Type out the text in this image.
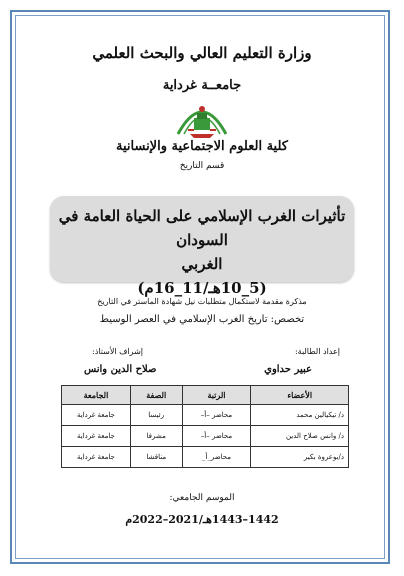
وزارة التعليم العالي والبحث العلمي
جامعــة غرداية
كلية العلوم الاجتماعية والإنسانية
قسم التاريخ
تأثيرات الغرب الإسلامي على الحياة العامة في السودان
الغربي
(5_10هـ/11_16م)
مذكرة مقدمة لاستكمال متطلبات نيل شهادة الماستر في التاريخ
تخصص: تاريخ الغرب الإسلامي في العصر الوسيط
إعداد الطالبة:
إشراف الأستاذ:
عبير حداوي
صلاح الدين وانس
الأعضاء	الرتبة	الصفة	الجامعة
د/ تيكيالين محمد	محاضر –أ–	رئيسا	جامعة غرداية
د/ وانس صلاح الدين	محاضر –أ–	مشرفا	جامعة غرداية
د/بوعروة بكير	محاضر_أ_	مناقشا	جامعة غرداية
الموسم الجامعي:
1442–1443هـ/2021–2022م
